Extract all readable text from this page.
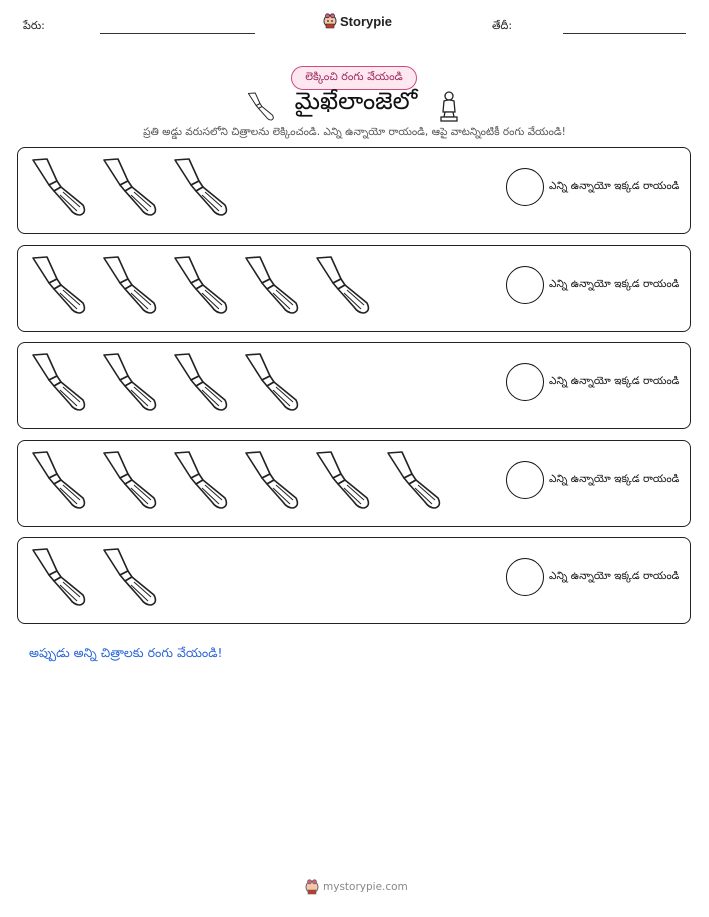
పేరు:	Storypie	తేదీ:
లెక్కించి రంగు వేయండి
మైఖేలాంజెలో
ప్రతి అడ్డు వరుసలోని చిత్రాలను లెక్కించండి. ఎన్ని ఉన్నాయో రాయండి, ఆపై వాటన్నింటికీ రంగు వేయండి!
ఎన్ని ఉన్నాయో ఇక్కడ రాయండి
ఎన్ని ఉన్నాయో ఇక్కడ రాయండి
ఎన్ని ఉన్నాయో ఇక్కడ రాయండి
ఎన్ని ఉన్నాయో ఇక్కడ రాయండి
ఎన్ని ఉన్నాయో ఇక్కడ రాయండి
అప్పుడు అన్ని చిత్రాలకు రంగు వేయండి!
mystorypie.com
